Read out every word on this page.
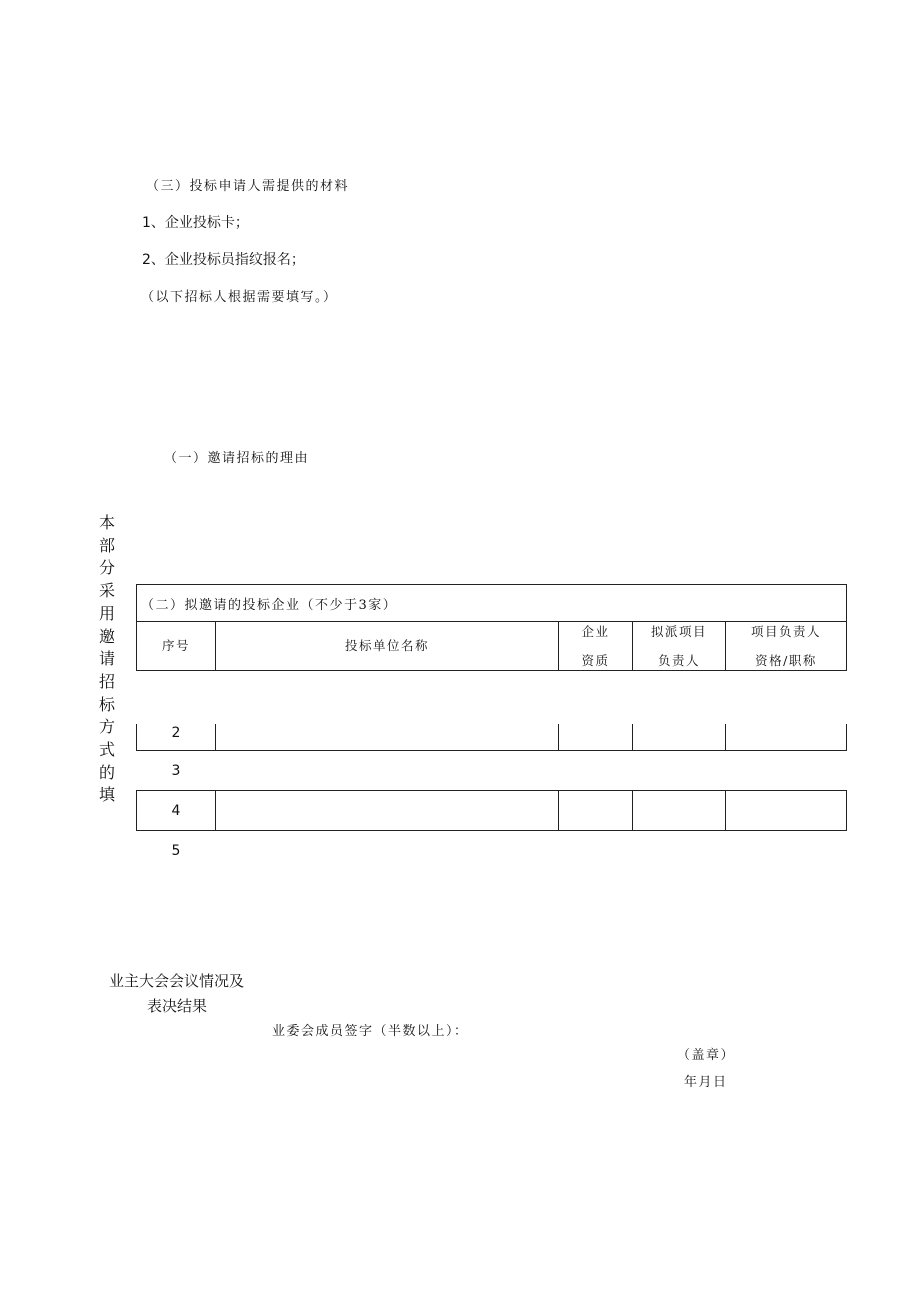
（三）投标申请人需提供的材料
1、企业投标卡；
2、企业投标员指纹报名；
（以下招标人根据需要填写。）
（一）邀请招标的理由
本
部
分
采
用
邀
请
招
标
方
式
的
填
（二）拟邀请的投标企业（不少于3家）
序号	投标单位名称
企业
资质
拟派项目
负责人
项目负责人
资格/职称
2
3
4
5
业主大会会议情况及
表决结果
业委会成员签字（半数以上）：
（盖章）
年月日
